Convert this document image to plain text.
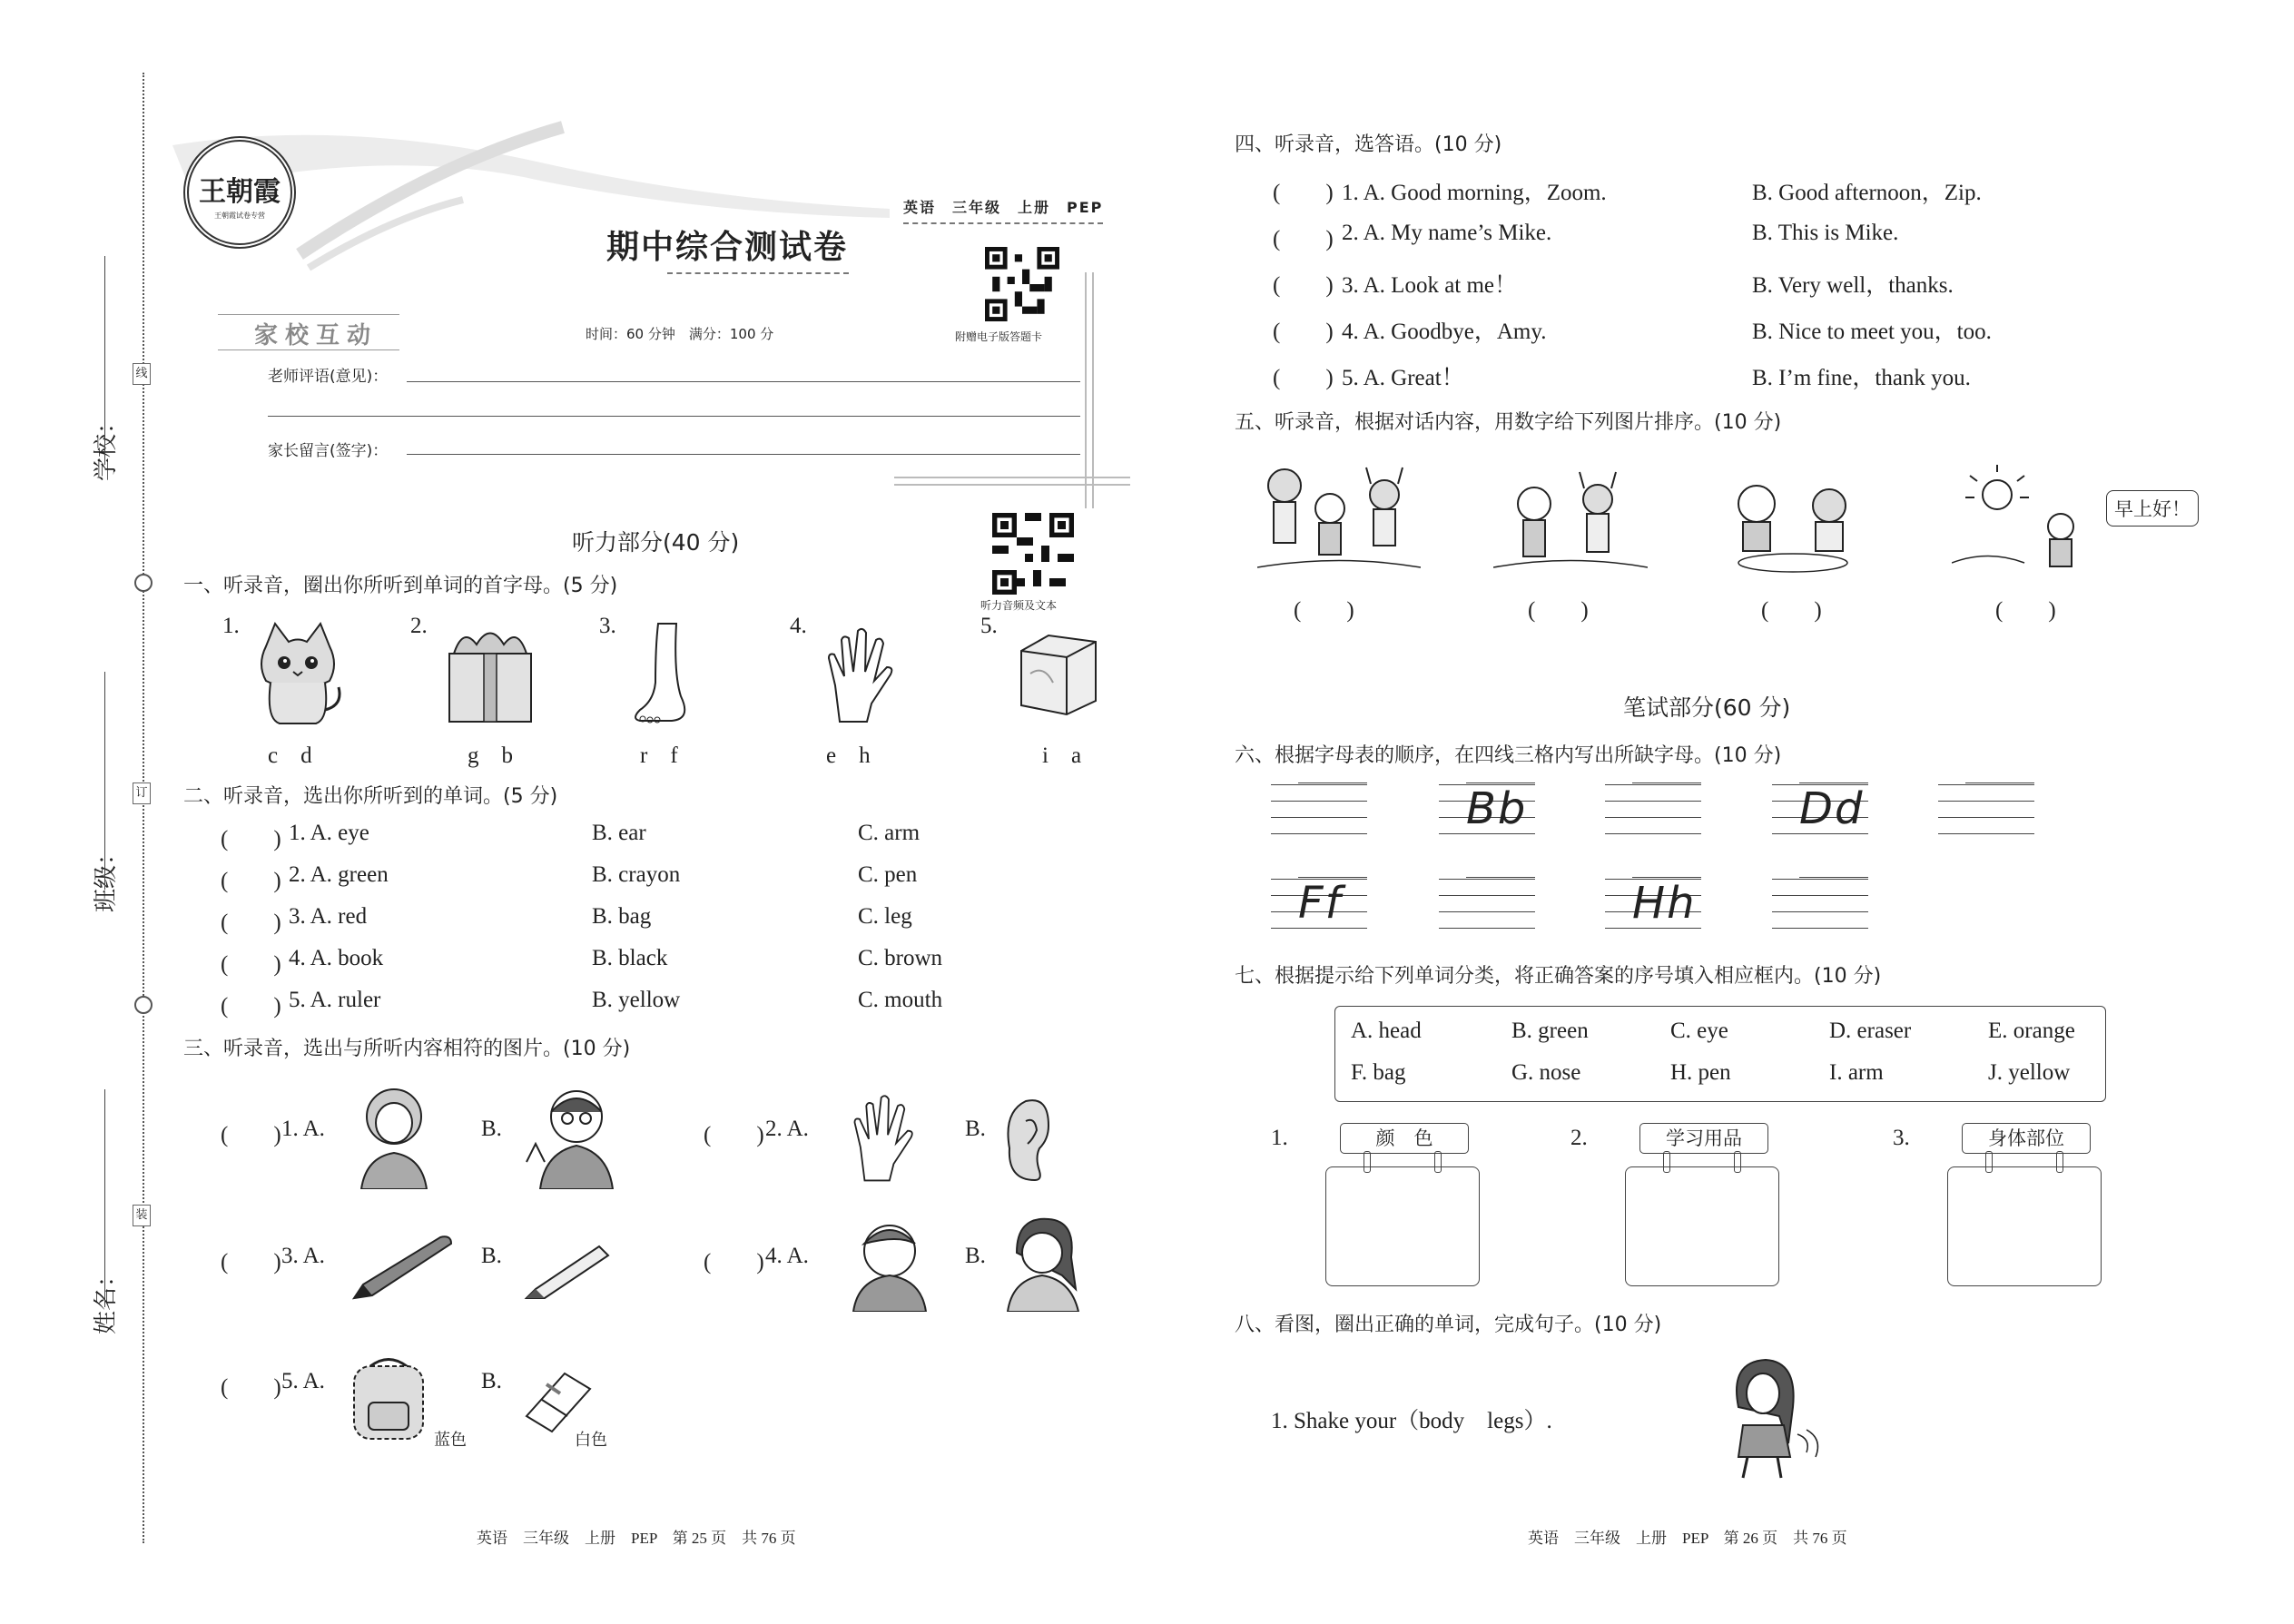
线
订
装
学校：
班级：
姓名：
王朝霞
王朝霞试卷专营	英语　三年级　上册　PEP
期中综合测试卷
附赠电子版答题卡
家校互动	时间：60 分钟　满分：100 分
老师评语(意见)：
家长留言(签字)：
听力部分(40 分)
听力音频及文本
一、听录音，圈出你所听到单词的首字母。(5 分)
1.
c　d
2.
g　b
3.
r　f
4.
e　h
5.
i　a
二、听录音，选出你所听到的单词。(5 分)
(　　) 1. A. eye	B. ear	C. arm
(　　) 2. A. green	B. crayon	C. pen
(　　) 3. A. red	B. bag	C. leg
(　　) 4. A. book	B. black	C. brown
(　　) 5. A. ruler	B. yellow	C. mouth
三、听录音，选出与所听内容相符的图片。(10 分)
(　　) 1. A.	B.	(　　) 2. A.	B.
(　　) 3. A.	B.	(　　) 4. A.	B.
(　　) 5. A.
蓝色
B.
白色
四、听录音，选答语。(10 分)
(　　) 1. A. Good morning，Zoom.	B. Good afternoon，Zip.
(　　) 2. A. My name’s Mike.	B. This is Mike.
(　　) 3. A. Look at me！	B. Very well，thanks.
(　　) 4. A. Goodbye，Amy.	B. Nice to meet you，too.
(　　) 5. A. Great！	B. I’m fine，thank you.
五、听录音，根据对话内容，用数字给下列图片排序。(10 分)
早上好！
(　　)	(　　)	(　　)	(　　)
笔试部分(60 分)
六、根据字母表的顺序，在四线三格内写出所缺字母。(10 分)
Bb	Dd
Ff	Hh
七、根据提示给下列单词分类，将正确答案的序号填入相应框内。(10 分)
A. head	B. green	C. eye	D. eraser	E. orange
F. bag	G. nose	H. pen	I. arm	J. yellow
1.	颜　色	2.	学习用品	3.	身体部位
八、看图，圈出正确的单词，完成句子。(10 分)
1. Shake your（body　legs）.
英语　三年级　上册　PEP　第 25 页　共 76 页	英语　三年级　上册　PEP　第 26 页　共 76 页
